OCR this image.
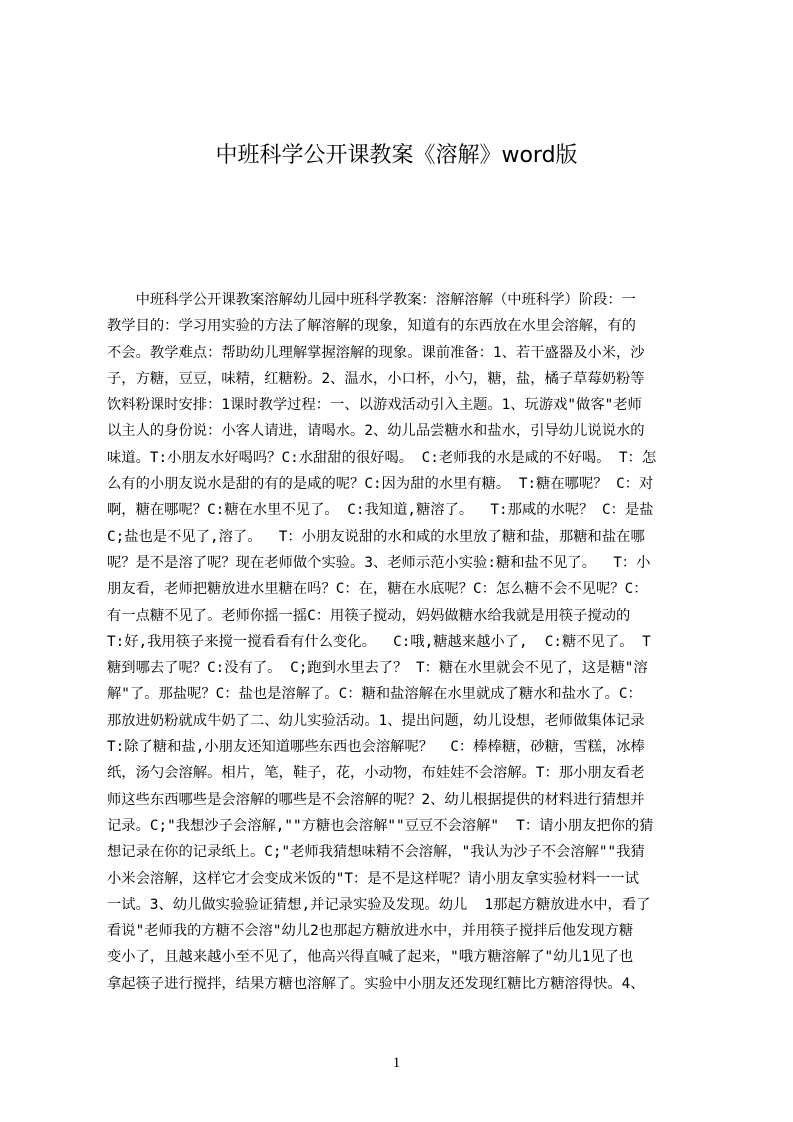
中班科学公开课教案《溶解》word版
　　中班科学公开课教案溶解幼儿园中班科学教案：溶解溶解（中班科学）阶段：一
教学目的：学习用实验的方法了解溶解的现象，知道有的东西放在水里会溶解，有的
不会。教学难点：帮助幼儿理解掌握溶解的现象。课前准备：1、若干盛器及小米，沙
子，方糖，豆豆，味精，红糖粉。2、温水，小口杯，小勺，糖，盐，橘子草莓奶粉等
饮料粉课时安排：1课时教学过程：一、以游戏活动引入主题。1、玩游戏"做客"老师
以主人的身份说：小客人请进，请喝水。2、幼儿品尝糖水和盐水，引导幼儿说说水的
味道。T:小朋友水好喝吗？C:水甜甜的很好喝。 C:老师我的水是咸的不好喝。 T：怎
么有的小朋友说水是甜的有的是咸的呢？C:因为甜的水里有糖。 T:糖在哪呢？ C：对
啊，糖在哪呢？C:糖在水里不见了。 C:我知道,糖溶了。  T:那咸的水呢？ C：是盐
C;盐也是不见了,溶了。  T：小朋友说甜的水和咸的水里放了糖和盐，那糖和盐在哪
呢？是不是溶了呢？现在老师做个实验。3、老师示范小实验:糖和盐不见了。  T：小
朋友看，老师把糖放进水里糖在吗？C：在，糖在水底呢？C：怎么糖不会不见呢？C：
有一点糖不见了。老师你摇一摇C：用筷子搅动，妈妈做糖水给我就是用筷子搅动的
T:好,我用筷子来搅一搅看看有什么变化。  C:哦,糖越来越小了,  C:糖不见了。 T
糖到哪去了呢？C:没有了。 C;跑到水里去了？ T：糖在水里就会不见了，这是糖"溶
解"了。那盐呢？C：盐也是溶解了。C：糖和盐溶解在水里就成了糖水和盐水了。C：
那放进奶粉就成牛奶了二、幼儿实验活动。1、提出问题，幼儿设想，老师做集体记录
T:除了糖和盐,小朋友还知道哪些东西也会溶解呢？  C：棒棒糖，砂糖，雪糕，冰棒
纸，汤勺会溶解。相片，笔，鞋子，花，小动物，布娃娃不会溶解。T：那小朋友看老
师这些东西哪些是会溶解的哪些是不会溶解的呢？2、幼儿根据提供的材料进行猜想并
记录。C;"我想沙子会溶解,""方糖也会溶解""豆豆不会溶解"  T：请小朋友把你的猜
想记录在你的记录纸上。C;"老师我猜想味精不会溶解，"我认为沙子不会溶解""我猜
小米会溶解，这样它才会变成米饭的"T：是不是这样呢？请小朋友拿实验材料一一试
一试。3、幼儿做实验验证猜想,并记录实验及发现。幼儿  1那起方糖放进水中，看了
看说"老师我的方糖不会溶"幼儿2也那起方糖放进水中，并用筷子搅拌后他发现方糖
变小了，且越来越小至不见了，他高兴得直喊了起来，"哦方糖溶解了"幼儿1见了也
拿起筷子进行搅拌，结果方糖也溶解了。实验中小朋友还发现红糖比方糖溶得快。4、
1
